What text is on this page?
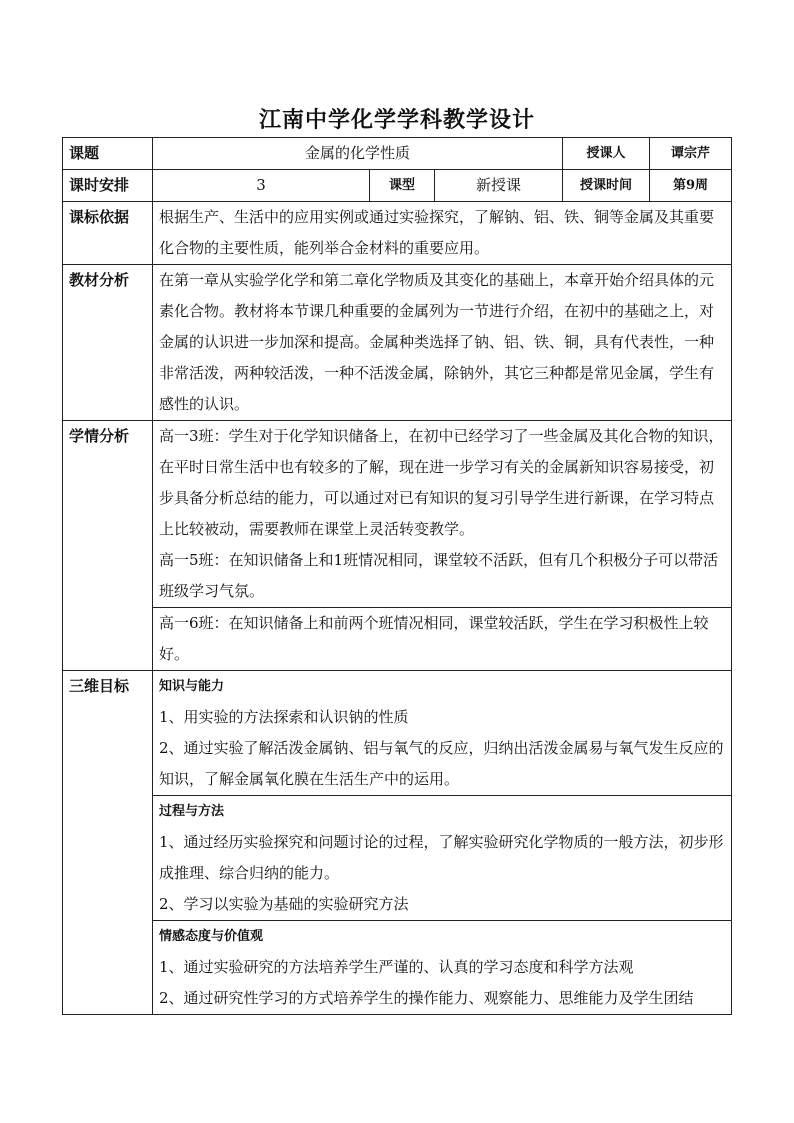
江南中学化学学科教学设计
课题	金属的化学性质			授课人	谭宗芹
课时安排	3	课型	新授课	授课时间	第9周
课标依据	根据生产、生活中的应用实例或通过实验探究，了解钠、铝、铁、铜等金属及其重要化合物的主要性质，能列举合金材料的重要应用。				
教材分析	在第一章从实验学化学和第二章化学物质及其变化的基础上，本章开始介绍具体的元素化合物。教材将本节课几种重要的金属列为一节进行介绍，在初中的基础之上，对金属的认识进一步加深和提高。金属种类选择了钠、铝、铁、铜，具有代表性，一种非常活泼，两种较活泼，一种不活泼金属，除钠外，其它三种都是常见金属，学生有感性的认识。				
学情分析	高一3班：学生对于化学知识储备上，在初中已经学习了一些金属及其化合物的知识，在平时日常生活中也有较多的了解，现在进一步学习有关的金属新知识容易接受，初步具备分析总结的能力，可以通过对已有知识的复习引导学生进行新课，在学习特点上比较被动，需要教师在课堂上灵活转变教学。

高一5班：在知识储备上和1班情况相同，课堂较不活跃，但有几个积极分子可以带活班级学习气氛。				

	高一6班：在知识储备上和前两个班情况相同，课堂较活跃，学生在学习积极性上较好。				
三维目标	知识与能力

1、用实验的方法探索和认识钠的性质

2、通过实验了解活泼金属钠、铝与氧气的反应，归纳出活泼金属易与氧气发生反应的知识，了解金属氧化膜在生活生产中的运用。				

	过程与方法

1、通过经历实验探究和问题讨论的过程，了解实验研究化学物质的一般方法，初步形成推理、综合归纳的能力。

2、学习以实验为基础的实验研究方法				

	情感态度与价值观

1、通过实验研究的方法培养学生严谨的、认真的学习态度和科学方法观

2、通过研究性学习的方式培养学生的操作能力、观察能力、思维能力及学生团结				
